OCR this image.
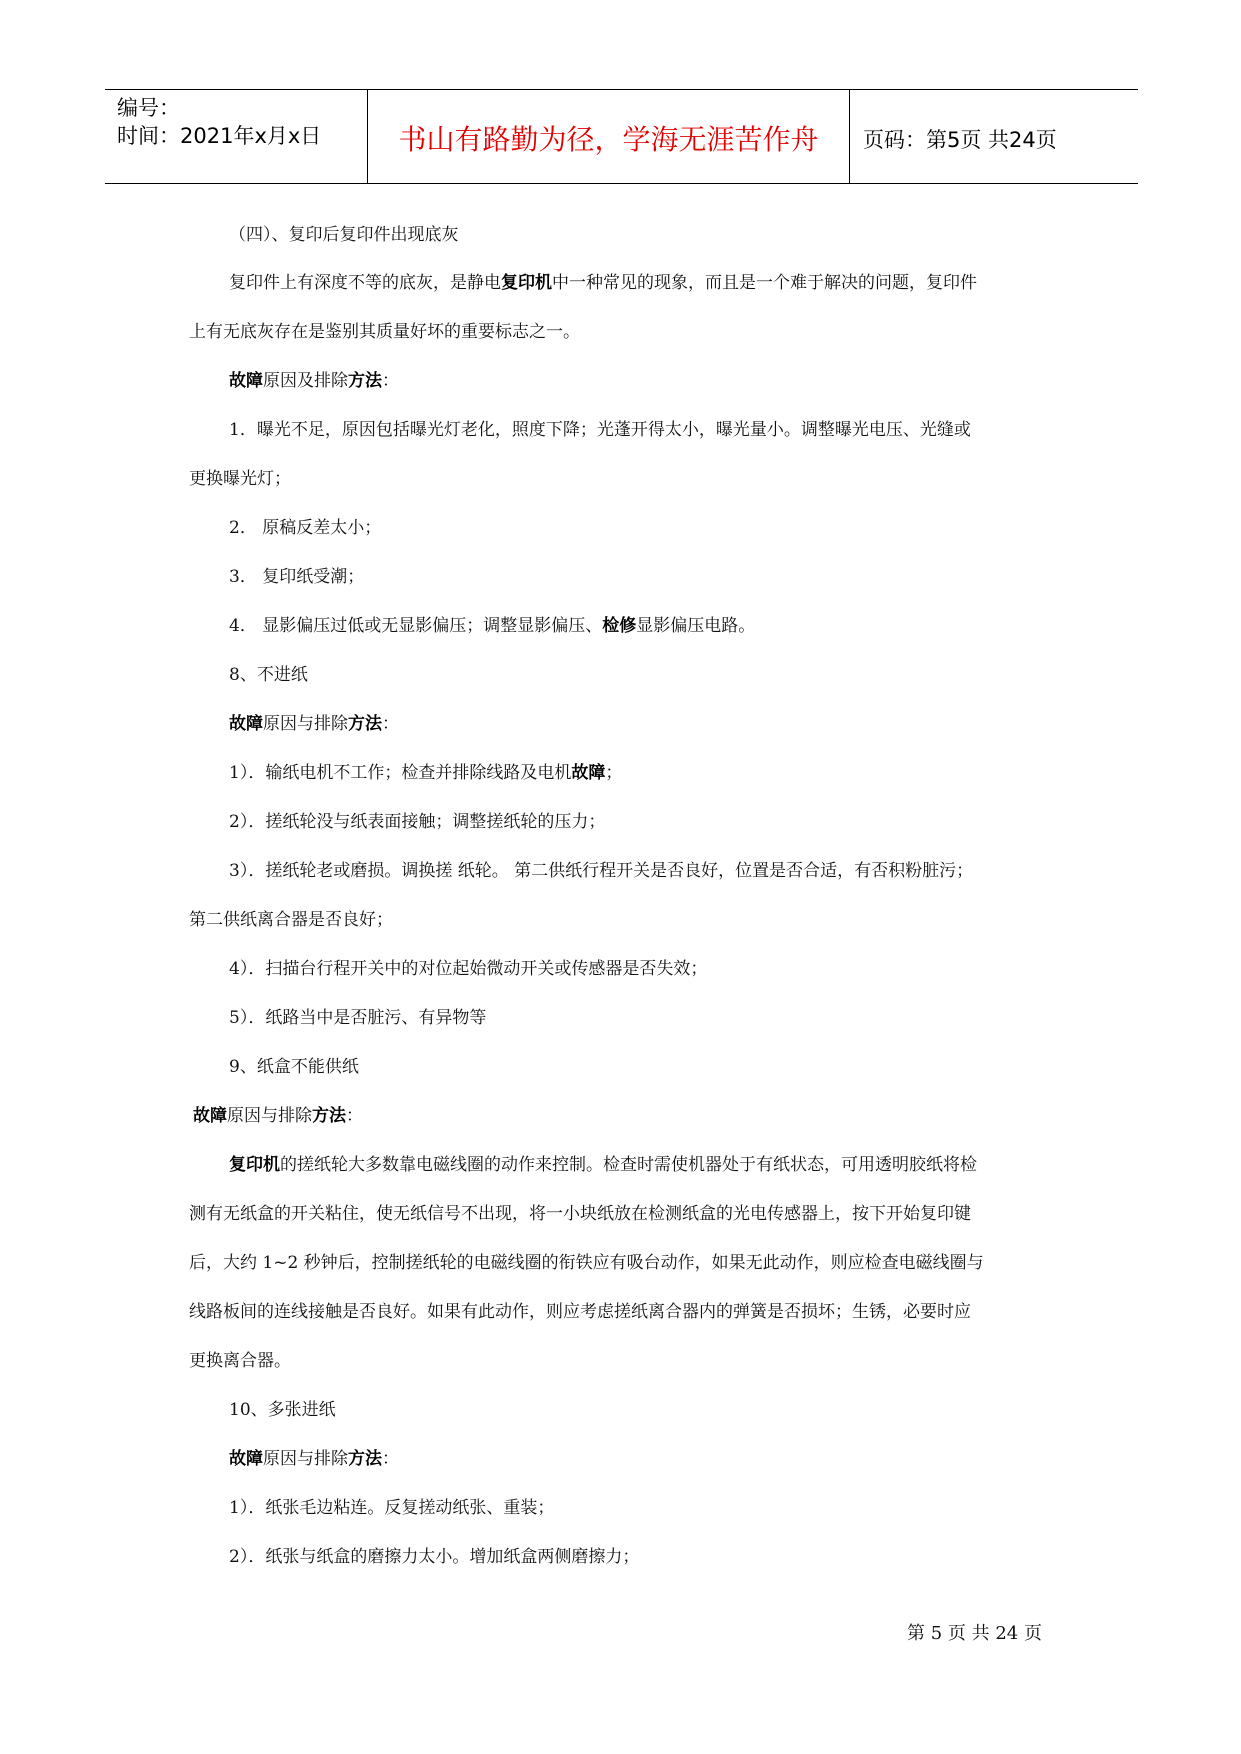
编号：
时间：2021年x月x日	书山有路勤为径，学海无涯苦作舟	页码：第5页 共24页
（四）、复印后复印件出现底灰
复印件上有深度不等的底灰，是静电复印机中一种常见的现象，而且是一个难于解决的问题，复印件
上有无底灰存在是鉴别其质量好坏的重要标志之一。
故障原因及排除方法：
1．曝光不足，原因包括曝光灯老化，照度下降；光蓬开得太小，曝光量小。调整曝光电压、光缝或
更换曝光灯；
2． 原稿反差太小；
3． 复印纸受潮；
4． 显影偏压过低或无显影偏压；调整显影偏压、检修显影偏压电路。
8、不进纸
故障原因与排除方法：
1）．输纸电机不工作；检查并排除线路及电机故障；
2）．搓纸轮没与纸表面接触；调整搓纸轮的压力；
3）．搓纸轮老或磨损。调换搓 纸轮。 第二供纸行程开关是否良好，位置是否合适，有否积粉脏污；
第二供纸离合器是否良好；
4）．扫描台行程开关中的对位起始微动开关或传感器是否失效；
5）．纸路当中是否脏污、有异物等
9、纸盒不能供纸
故障原因与排除方法：
复印机的搓纸轮大多数靠电磁线圈的动作来控制。检查时需使机器处于有纸状态，可用透明胶纸将检
测有无纸盒的开关粘住，使无纸信号不出现，将一小块纸放在检测纸盒的光电传感器上，按下开始复印键
后，大约 1~2 秒钟后，控制搓纸轮的电磁线圈的衔铁应有吸台动作，如果无此动作，则应检查电磁线圈与
线路板间的连线接触是否良好。如果有此动作，则应考虑搓纸离合器内的弹簧是否损坏；生锈，必要时应
更换离合器。
10、多张进纸
故障原因与排除方法：
1）．纸张毛边粘连。反复搓动纸张、重装；
2）．纸张与纸盒的磨擦力太小。增加纸盒两侧磨擦力；
第 5 页 共 24 页
